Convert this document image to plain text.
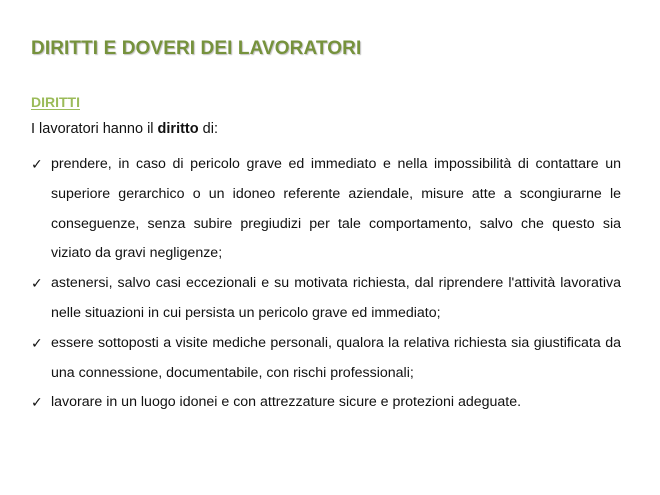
DIRITTI E DOVERI DEI LAVORATORI
DIRITTI
I lavoratori hanno il diritto di:
✓ prendere, in caso di pericolo grave ed immediato e nella impossibilità di contattare un superiore gerarchico o un idoneo referente aziendale, misure atte a scongiurarne le conseguenze, senza subire pregiudizi per tale comportamento, salvo che questo sia viziato da gravi negligenze;
✓ astenersi, salvo casi eccezionali e su motivata richiesta, dal riprendere l'attività lavorativa nelle situazioni in cui persista un pericolo grave ed immediato;
✓ essere sottoposti a visite mediche personali, qualora la relativa richiesta sia giustificata da una connessione, documentabile, con rischi professionali;
✓ lavorare in un luogo idonei e con attrezzature sicure e protezioni adeguate.
